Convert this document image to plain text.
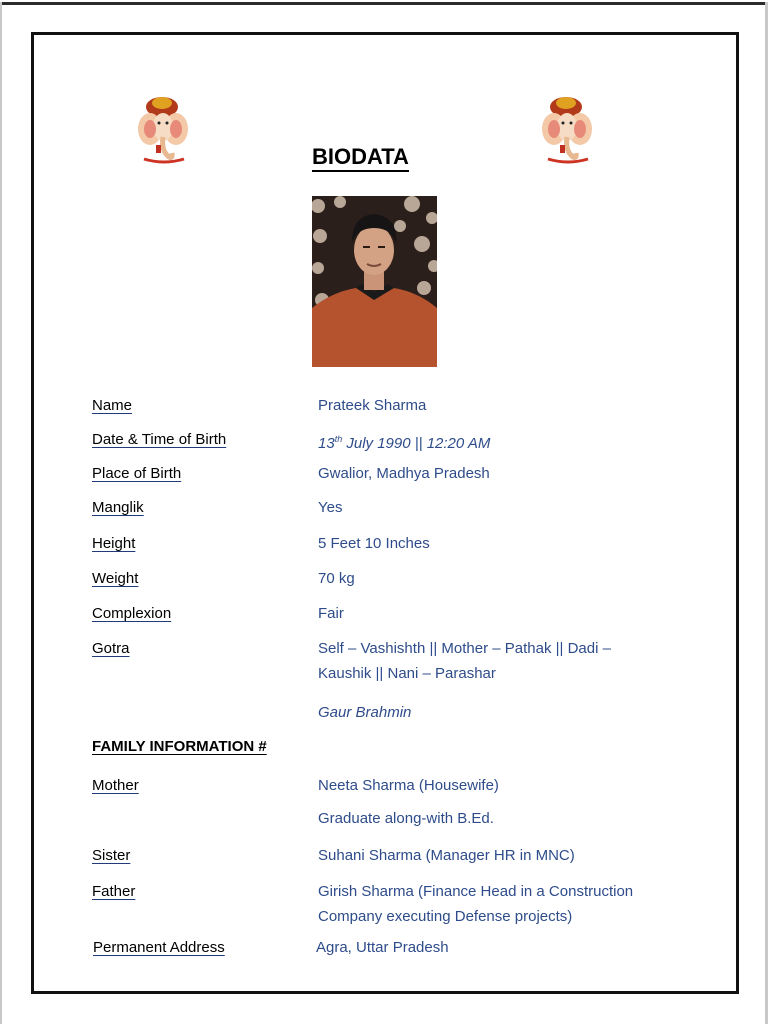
BIODATA
Name	Prateek Sharma
Date & Time of Birth	13th July 1990 || 12:20 AM
Place of Birth	Gwalior, Madhya Pradesh
Manglik	Yes
Height	5 Feet 10 Inches
Weight	70 kg
Complexion	Fair
Gotra	Self – Vashishth || Mother – Pathak || Dadi –
Kaushik || Nani – Parashar
Gaur Brahmin
FAMILY INFORMATION #
Mother	Neeta Sharma (Housewife)
Graduate along-with B.Ed.
Sister	Suhani Sharma (Manager HR in MNC)
Father	Girish Sharma (Finance Head in a Construction
Company executing Defense projects)
Permanent Address	Agra, Uttar Pradesh
